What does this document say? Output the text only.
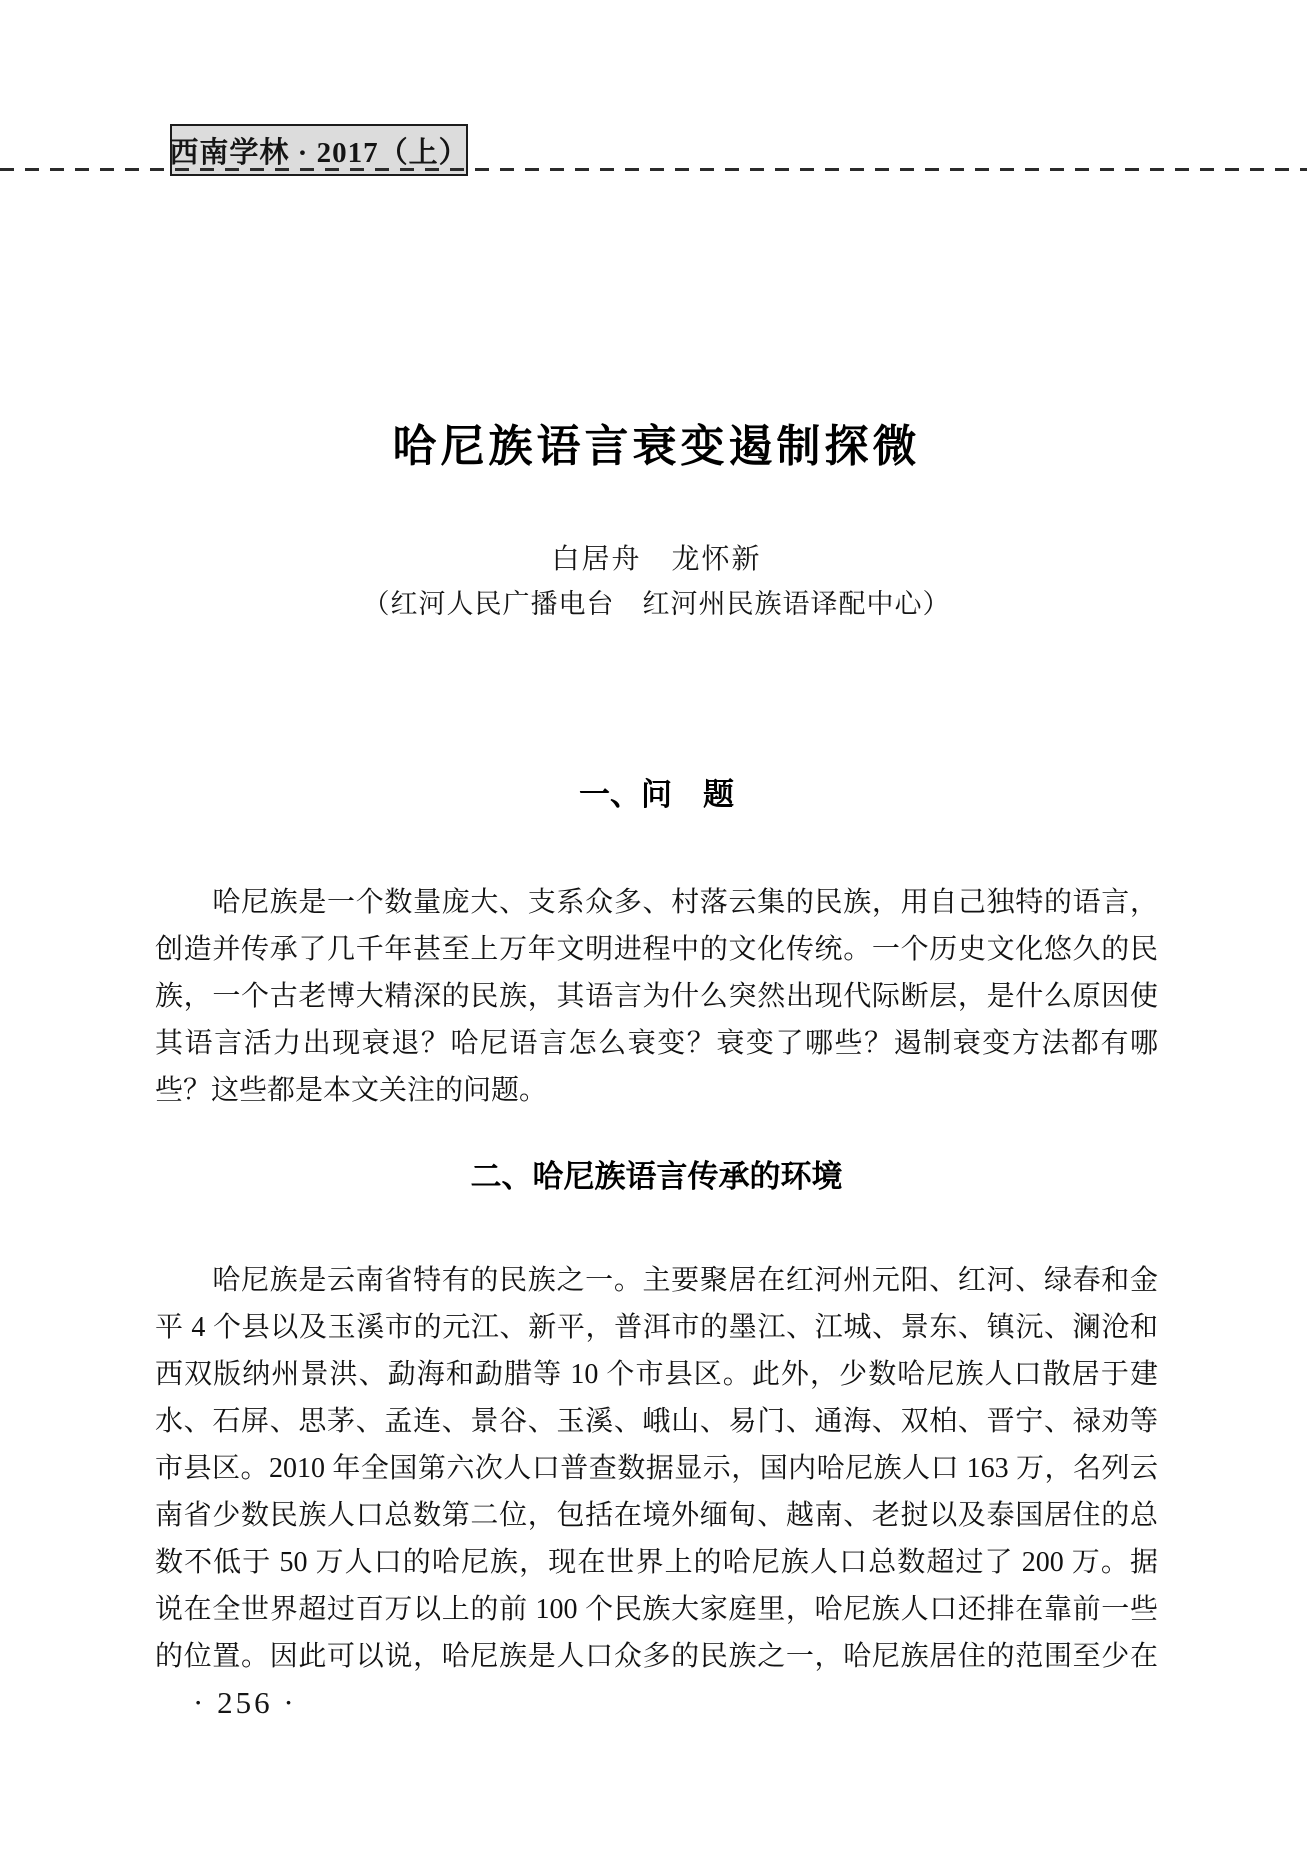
西南学林 · 2017（上）
哈尼族语言衰变遏制探微
白居舟　龙怀新
（红河人民广播电台　红河州民族语译配中心）
一、问　题
　　哈尼族是一个数量庞大、支系众多、村落云集的民族，用自己独特的语言，
创造并传承了几千年甚至上万年文明进程中的文化传统。一个历史文化悠久的民
族，一个古老博大精深的民族，其语言为什么突然出现代际断层，是什么原因使
其语言活力出现衰退？哈尼语言怎么衰变？衰变了哪些？遏制衰变方法都有哪
些？这些都是本文关注的问题。
二、哈尼族语言传承的环境
　　哈尼族是云南省特有的民族之一。主要聚居在红河州元阳、红河、绿春和金
平 4 个县以及玉溪市的元江、新平，普洱市的墨江、江城、景东、镇沅、澜沧和
西双版纳州景洪、勐海和勐腊等 10 个市县区。此外，少数哈尼族人口散居于建
水、石屏、思茅、孟连、景谷、玉溪、峨山、易门、通海、双柏、晋宁、禄劝等
市县区。2010 年全国第六次人口普查数据显示，国内哈尼族人口 163 万，名列云
南省少数民族人口总数第二位，包括在境外缅甸、越南、老挝以及泰国居住的总
数不低于 50 万人口的哈尼族，现在世界上的哈尼族人口总数超过了 200 万。据
说在全世界超过百万以上的前 100 个民族大家庭里，哈尼族人口还排在靠前一些
的位置。因此可以说，哈尼族是人口众多的民族之一，哈尼族居住的范围至少在
· 256 ·
